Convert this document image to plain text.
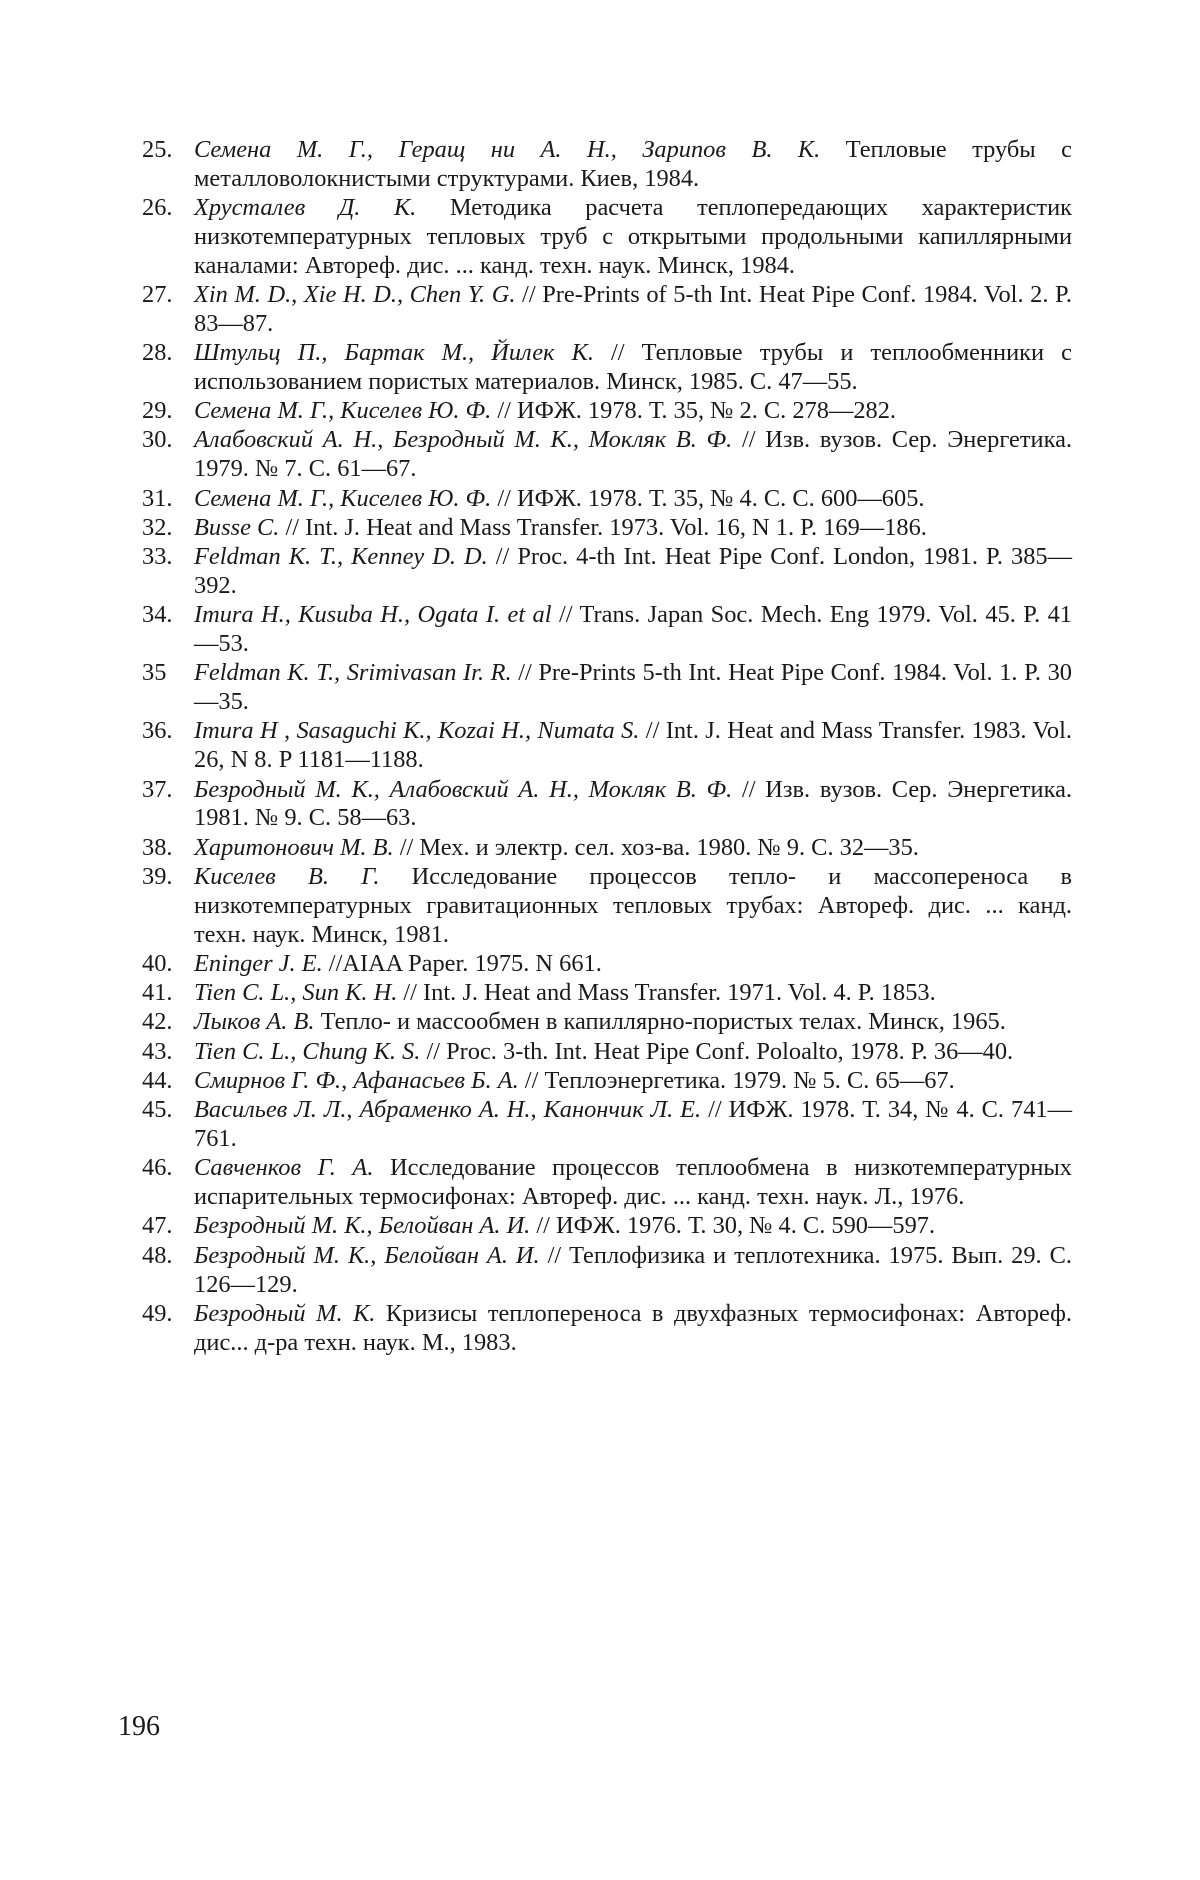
25. Семена М. Г., Геращ ни А. Н., Зарипов В. К. Тепловые трубы с металловолокнистыми структурами. Киев, 1984.
26. Хрусталев Д. К. Методика расчета теплопередающих характеристик низкотемпературных тепловых труб с открытыми продольными капиллярными каналами: Автореф. дис. ... канд. техн. наук. Минск, 1984.
27. Xin M. D., Xie H. D., Chen Y. G. // Pre-Prints of 5-th Int. Heat Pipe Conf. 1984. Vol. 2. P. 83—87.
28. Штульц П., Бартак М., Йилек К. // Тепловые трубы и теплообменники с использованием пористых материалов. Минск, 1985. С. 47—55.
29. Семена М. Г., Киселев Ю. Ф. // ИФЖ. 1978. Т. 35, № 2. С. 278—282.
30. Алабовский А. Н., Безродный М. К., Мокляк В. Ф. // Изв. вузов. Сер. Энергетика. 1979. № 7. С. 61—67.
31. Семена М. Г., Киселев Ю. Ф. // ИФЖ. 1978. Т. 35, № 4. С. С. 600—605.
32. Busse C. // Int. J. Heat and Mass Transfer. 1973. Vol. 16, N 1. P. 169—186.
33. Feldman K. T., Kenney D. D. // Proc. 4-th Int. Heat Pipe Conf. London, 1981. P. 385—392.
34. Imura H., Kusuba H., Ogata I. et al // Trans. Japan Soc. Mech. Eng 1979. Vol. 45. P. 41—53.
35 Feldman K. T., Srimivasan Ir. R. // Pre-Prints 5-th Int. Heat Pipe Conf. 1984. Vol. 1. P. 30—35.
36. Imura H , Sasaguchi K., Kozai H., Numata S. // Int. J. Heat and Mass Transfer. 1983. Vol. 26, N 8. P 1181—1188.
37. Безродный М. К., Алабовский А. Н., Мокляк В. Ф. // Изв. вузов. Сер. Энергетика. 1981. № 9. С. 58—63.
38. Харитонович М. В. // Мех. и электр. сел. хоз-ва. 1980. № 9. С. 32—35.
39. Киселев В. Г. Исследование процессов тепло- и массопереноса в низкотемпературных гравитационных тепловых трубах: Автореф. дис. ... канд. техн. наук. Минск, 1981.
40. Eninger J. E. //AIAA Paper. 1975. N 661.
41. Tien C. L., Sun K. H. // Int. J. Heat and Mass Transfer. 1971. Vol. 4. P. 1853.
42. Лыков А. В. Тепло- и массообмен в капиллярно-пористых телах. Минск, 1965.
43. Tien C. L., Chung K. S. // Proc. 3-th. Int. Heat Pipe Conf. Poloalto, 1978. P. 36—40.
44. Смирнов Г. Ф., Афанасьев Б. А. // Теплоэнергетика. 1979. № 5. С. 65—67.
45. Васильев Л. Л., Абраменко А. Н., Канончик Л. Е. // ИФЖ. 1978. Т. 34, № 4. С. 741—761.
46. Савченков Г. А. Исследование процессов теплообмена в низкотемпературных испарительных термосифонах: Автореф. дис. ... канд. техн. наук. Л., 1976.
47. Безродный М. К., Белойван А. И. // ИФЖ. 1976. Т. 30, № 4. С. 590—597.
48. Безродный М. К., Белойван А. И. // Теплофизика и теплотехника. 1975. Вып. 29. С. 126—129.
49. Безродный М. К. Кризисы теплопереноса в двухфазных термосифонах: Автореф. дис... д-ра техн. наук. М., 1983.
196
